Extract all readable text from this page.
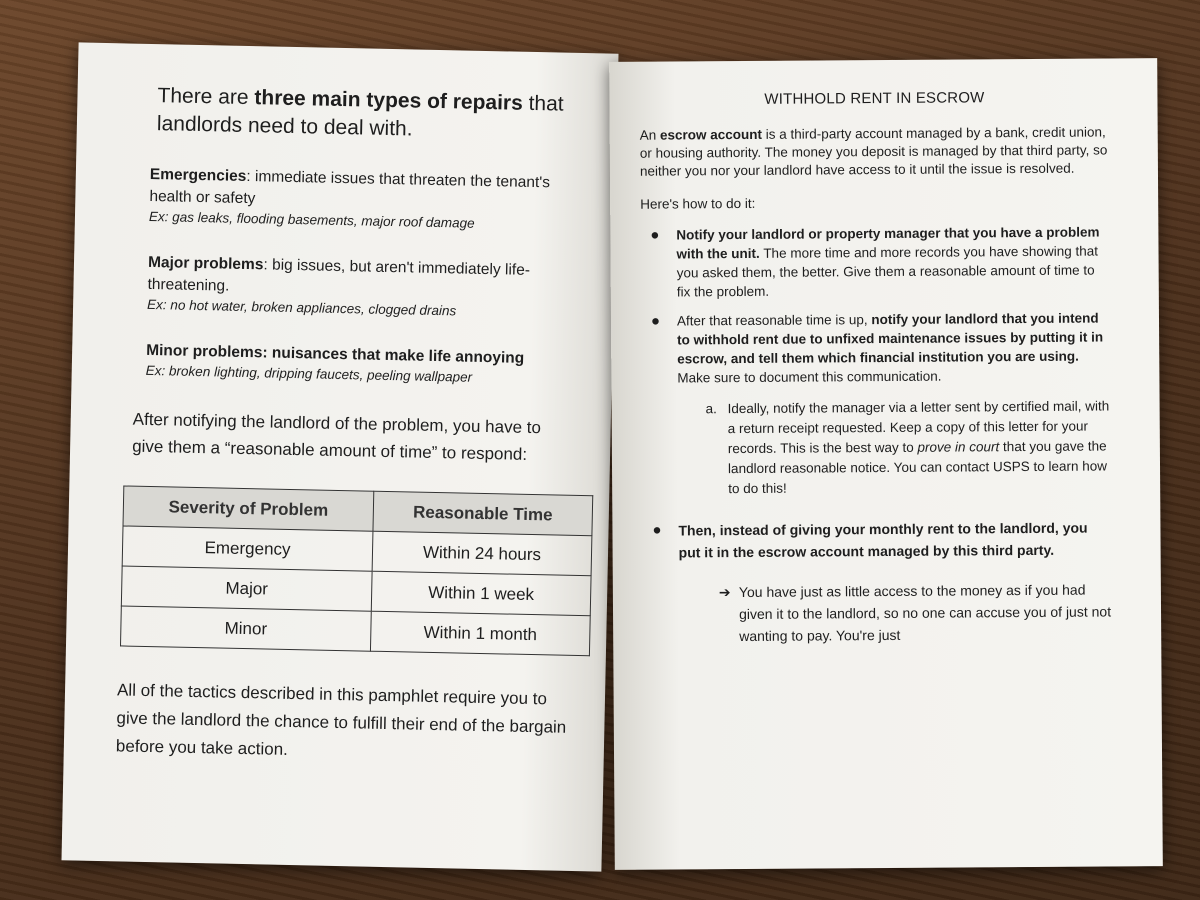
There are three main types of repairs that landlords need to deal with.

Emergencies: immediate issues that threaten the tenant's health or safety
Ex: gas leaks, flooding basements, major roof damage
Major problems: big issues, but aren't immediately life-threatening.
Ex: no hot water, broken appliances, clogged drains
Minor problems: nuisances that make life annoying
Ex: broken lighting, dripping faucets, peeling wallpaper

After notifying the landlord of the problem, you have to give them a “reasonable amount of time” to respond:

Severity of Problem	Reasonable Time
Emergency	Within 24 hours
Major	Within 1 week
Minor	Within 1 month

All of the tactics described in this pamphlet require you to give the landlord the chance to fulfill their end of the bargain before you take action.

WITHHOLD RENT IN ESCROW

An escrow account is a third-party account managed by a bank, credit union, or housing authority. The money you deposit is managed by that third party, so neither you nor your landlord have access to it until the issue is resolved.

Here's how to do it:

● Notify your landlord or property manager that you have a problem with the unit. The more time and more records you have showing that you asked them, the better. Give them a reasonable amount of time to fix the problem.
● After that reasonable time is up, notify your landlord that you intend to withhold rent due to unfixed maintenance issues by putting it in escrow, and tell them which financial institution you are using. Make sure to document this communication.
a. Ideally, notify the manager via a letter sent by certified mail, with a return receipt requested. Keep a copy of this letter for your records. This is the best way to prove in court that you gave the landlord reasonable notice. You can contact USPS to learn how to do this!
● Then, instead of giving your monthly rent to the landlord, you put it in the escrow account managed by this third party.
➔ You have just as little access to the money as if you had given it to the landlord, so no one can accuse you of just not wanting to pay. You're just
